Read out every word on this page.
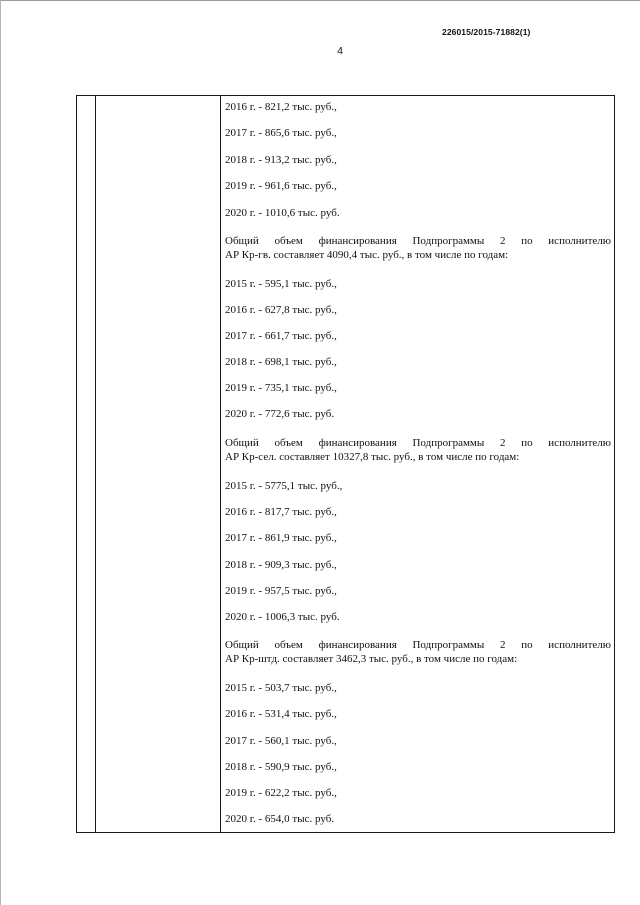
226015/2015-71882(1)
4
2016 г. - 821,2 тыс. руб.,
2017 г. - 865,6 тыс. руб.,
2018 г. - 913,2 тыс. руб.,
2019 г. - 961,6 тыс. руб.,
2020 г. - 1010,6 тыс. руб.
Общий объем финансирования Подпрограммы 2 по исполнителю
АР Кр-гв. составляет 4090,4 тыс. руб., в том числе по годам:
2015 г. - 595,1 тыс. руб.,
2016 г. - 627,8 тыс. руб.,
2017 г. - 661,7 тыс. руб.,
2018 г. - 698,1 тыс. руб.,
2019 г. - 735,1 тыс. руб.,
2020 г. - 772,6 тыс. руб.
Общий объем финансирования Подпрограммы 2 по исполнителю
АР Кр-сел. составляет 10327,8 тыс. руб., в том числе по годам:
2015 г. - 5775,1 тыс. руб.,
2016 г. - 817,7 тыс. руб.,
2017 г. - 861,9 тыс. руб.,
2018 г. - 909,3 тыс. руб.,
2019 г. - 957,5 тыс. руб.,
2020 г. - 1006,3 тыс. руб.
Общий объем финансирования Подпрограммы 2 по исполнителю
АР Кр-штд. составляет 3462,3 тыс. руб., в том числе по годам:
2015 г. - 503,7 тыс. руб.,
2016 г. - 531,4 тыс. руб.,
2017 г. - 560,1 тыс. руб.,
2018 г. - 590,9 тыс. руб.,
2019 г. - 622,2 тыс. руб.,
2020 г. - 654,0 тыс. руб.
